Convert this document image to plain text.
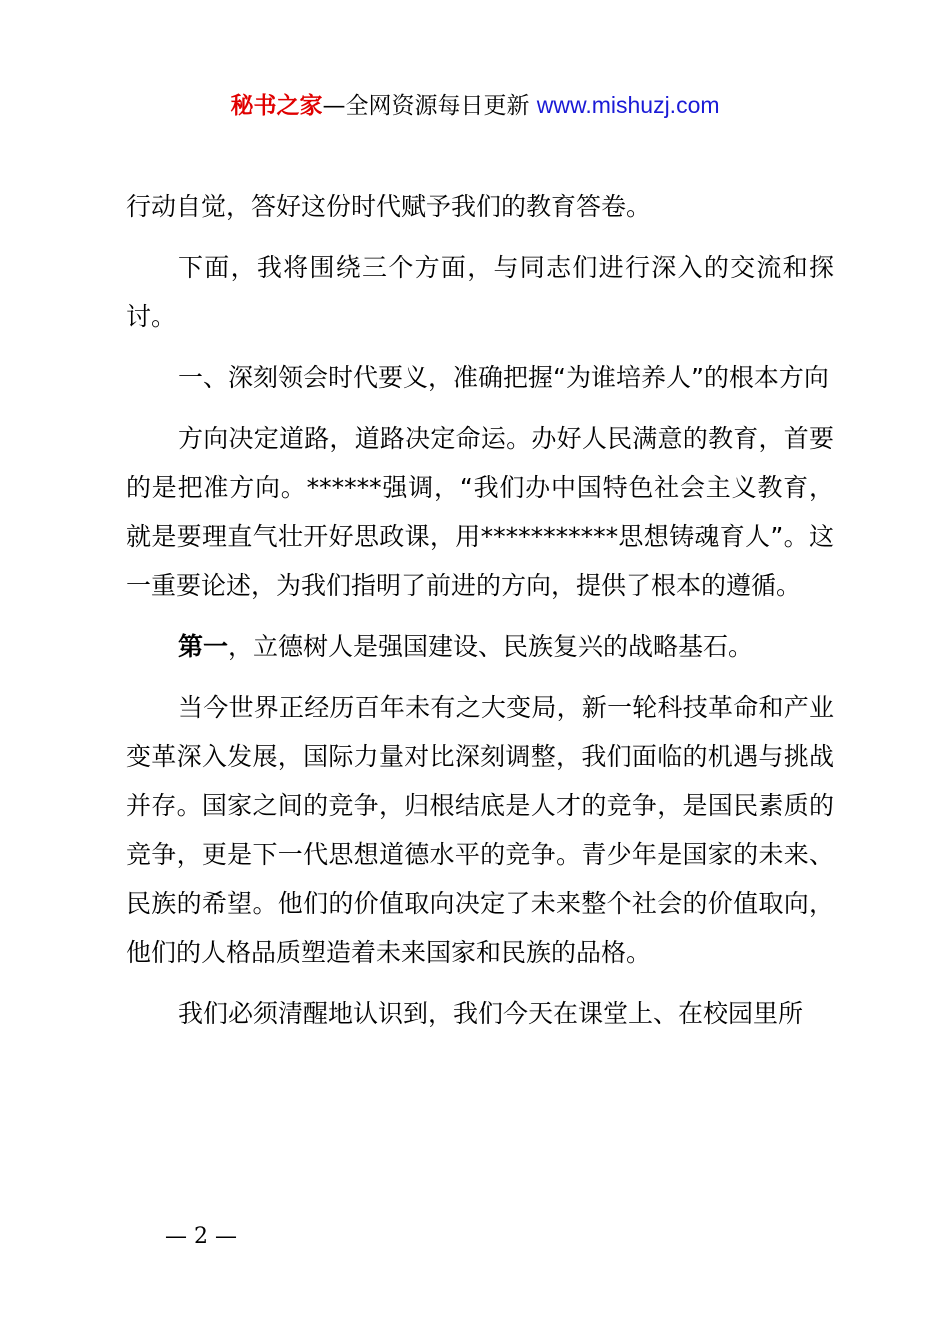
秘书之家—全网资源每日更新 www.mishuzj.com

行动自觉，答好这份时代赋予我们的教育答卷。

下面，我将围绕三个方面，与同志们进行深入的交流和探讨。

一、深刻领会时代要义，准确把握“为谁培养人”的根本方向

方向决定道路，道路决定命运。办好人民满意的教育，首要的是把准方向。******强调，“我们办中国特色社会主义教育，就是要理直气壮开好思政课，用***********思想铸魂育人”。这一重要论述，为我们指明了前进的方向，提供了根本的遵循。

第一，立德树人是强国建设、民族复兴的战略基石。

当今世界正经历百年未有之大变局，新一轮科技革命和产业变革深入发展，国际力量对比深刻调整，我们面临的机遇与挑战并存。国家之间的竞争，归根结底是人才的竞争，是国民素质的竞争，更是下一代思想道德水平的竞争。青少年是国家的未来、民族的希望。他们的价值取向决定了未来整个社会的价值取向，他们的人格品质塑造着未来国家和民族的品格。

我们必须清醒地认识到，我们今天在课堂上、在校园里所

— 2 —
